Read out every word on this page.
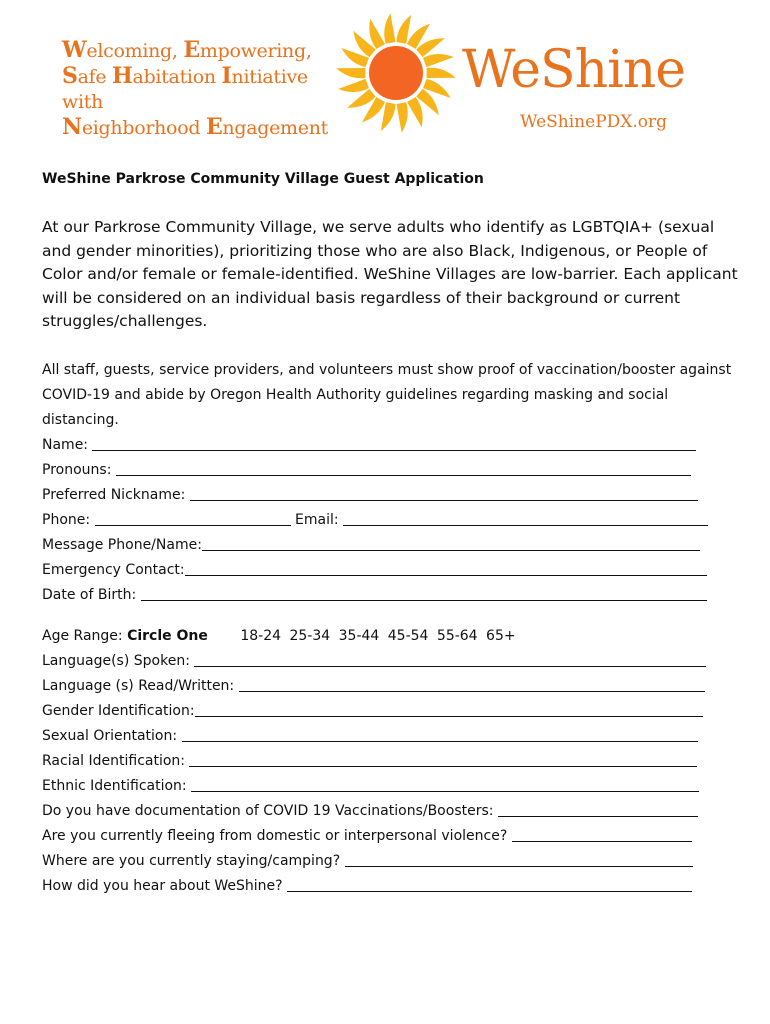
Welcoming, Empowering,
Safe Habitation Initiative with
Neighborhood Engagement
WeShine
WeShinePDX.org
WeShine Parkrose Community Village Guest Application
At our Parkrose Community Village, we serve adults who identify as LGBTQIA+ (sexual and gender minorities), prioritizing those who are also Black, Indigenous, or People of Color and/or female or female-identified. WeShine Villages are low-barrier. Each applicant will be considered on an individual basis regardless of their background or current struggles/challenges.
All staff, guests, service providers, and volunteers must show proof of vaccination/booster against COVID-19 and abide by Oregon Health Authority guidelines regarding masking and social distancing.
Name:
Pronouns:
Preferred Nickname:
Phone:	Email:
Message Phone/Name:
Emergency Contact:
Date of Birth:
Age Range: Circle One 18-24 25-34 35-44 45-54 55-64 65+
Language(s) Spoken:
Language (s) Read/Written:
Gender Identification:
Sexual Orientation:
Racial Identification:
Ethnic Identification:
Do you have documentation of COVID 19 Vaccinations/Boosters:
Are you currently fleeing from domestic or interpersonal violence?
Where are you currently staying/camping?
How did you hear about WeShine?
